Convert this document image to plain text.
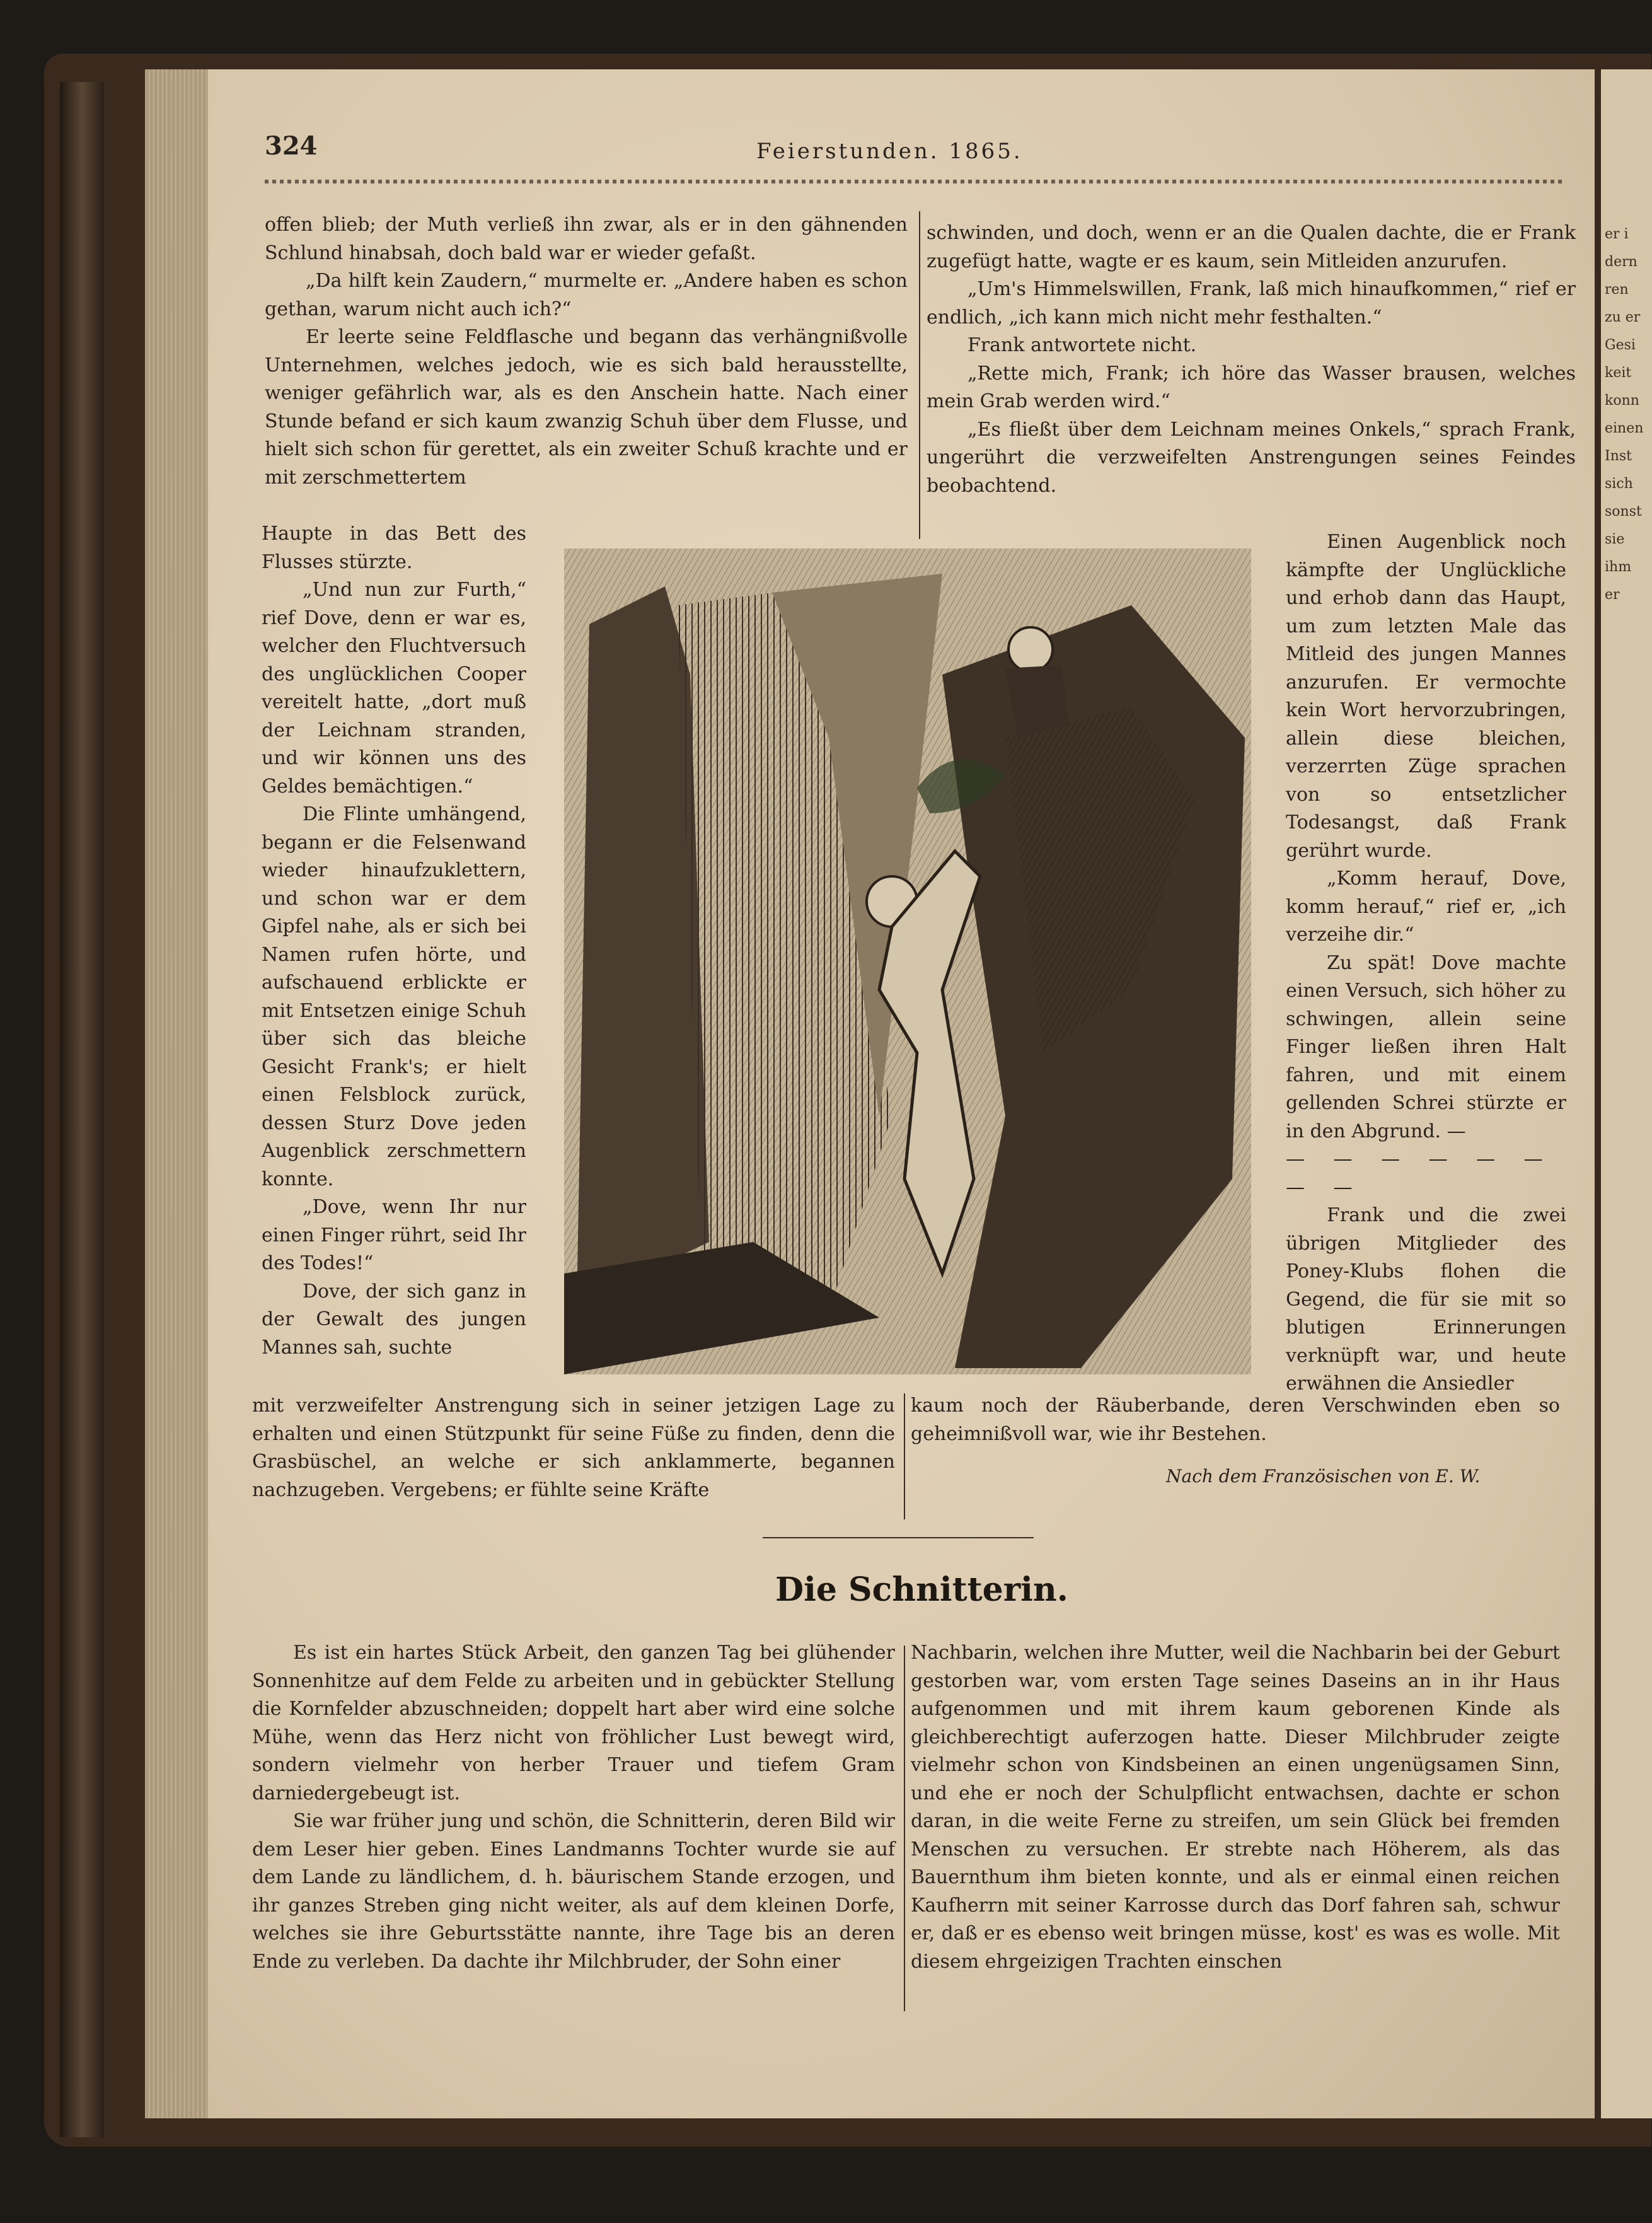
er i
dern
ren
zu er
Gesi
keit
konn
einen
Inst
sich
sonst
sie
ihm
er
324	Feierstunden. 1865.

offen blieb; der Muth verließ ihn zwar, als er in den gähnenden Schlund hinabsah, doch bald war er wieder gefaßt.

„Da hilft kein Zaudern,“ murmelte er. „Andere haben es schon gethan, warum nicht auch ich?“

Er leerte seine Feldflasche und begann das verhängnißvolle Unternehmen, welches jedoch, wie es sich bald herausstellte, weniger gefährlich war, als es den Anschein hatte. Nach einer Stunde befand er sich kaum zwanzig Schuh über dem Flusse, und hielt sich schon für gerettet, als ein zweiter Schuß krachte und er mit zerschmettertem

Haupte in das Bett des Flusses stürzte.

„Und nun zur Furth,“ rief Dove, denn er war es, welcher den Fluchtversuch des unglücklichen Cooper vereitelt hatte, „dort muß der Leichnam stranden, und wir können uns des Geldes bemächtigen.“

Die Flinte umhängend, begann er die Felsenwand wieder hinaufzuklettern, und schon war er dem Gipfel nahe, als er sich bei Namen rufen hörte, und aufschauend erblickte er mit Entsetzen einige Schuh über sich das bleiche Gesicht Frank's; er hielt einen Felsblock zurück, dessen Sturz Dove jeden Augenblick zerschmettern konnte.

„Dove, wenn Ihr nur einen Finger rührt, seid Ihr des Todes!“

Dove, der sich ganz in der Gewalt des jungen Mannes sah, suchte

mit verzweifelter Anstrengung sich in seiner jetzigen Lage zu erhalten und einen Stützpunkt für seine Füße zu finden, denn die Grasbüschel, an welche er sich anklammerte, begannen nachzugeben. Vergebens; er fühlte seine Kräfte

schwinden, und doch, wenn er an die Qualen dachte, die er Frank zugefügt hatte, wagte er es kaum, sein Mitleiden anzurufen.

„Um's Himmelswillen, Frank, laß mich hinaufkommen,“ rief er endlich, „ich kann mich nicht mehr festhalten.“

Frank antwortete nicht.

„Rette mich, Frank; ich höre das Wasser brausen, welches mein Grab werden wird.“

„Es fließt über dem Leichnam meines Onkels,“ sprach Frank, ungerührt die verzweifelten Anstrengungen seines Feindes beobachtend.

Einen Augenblick noch kämpfte der Unglückliche und erhob dann das Haupt, um zum letzten Male das Mitleid des jungen Mannes anzurufen. Er vermochte kein Wort hervorzubringen, allein diese bleichen, verzerrten Züge sprachen von so entsetzlicher Todesangst, daß Frank gerührt wurde.

„Komm herauf, Dove, komm herauf,“ rief er, „ich verzeihe dir.“

Zu spät! Dove machte einen Versuch, sich höher zu schwingen, allein seine Finger ließen ihren Halt fahren, und mit einem gellenden Schrei stürzte er in den Abgrund. —

— — — — — — — —

Frank und die zwei übrigen Mitglieder des Poney-Klubs flohen die Gegend, die für sie mit so blutigen Erinnerungen verknüpft war, und heute erwähnen die Ansiedler

kaum noch der Räuberbande, deren Verschwinden eben so geheimnißvoll war, wie ihr Bestehen.

Nach dem Französischen von E. W.
Die Schnitterin.

Es ist ein hartes Stück Arbeit, den ganzen Tag bei glühender Sonnenhitze auf dem Felde zu arbeiten und in gebückter Stellung die Kornfelder abzuschneiden; doppelt hart aber wird eine solche Mühe, wenn das Herz nicht von fröhlicher Lust bewegt wird, sondern vielmehr von herber Trauer und tiefem Gram darniedergebeugt ist.

Sie war früher jung und schön, die Schnitterin, deren Bild wir dem Leser hier geben. Eines Landmanns Tochter wurde sie auf dem Lande zu ländlichem, d. h. bäurischem Stande erzogen, und ihr ganzes Streben ging nicht weiter, als auf dem kleinen Dorfe, welches sie ihre Geburtsstätte nannte, ihre Tage bis an deren Ende zu verleben. Da dachte ihr Milchbruder, der Sohn einer

Nachbarin, welchen ihre Mutter, weil die Nachbarin bei der Geburt gestorben war, vom ersten Tage seines Daseins an in ihr Haus aufgenommen und mit ihrem kaum geborenen Kinde als gleichberechtigt auferzogen hatte. Dieser Milchbruder zeigte vielmehr schon von Kindsbeinen an einen ungenügsamen Sinn, und ehe er noch der Schulpflicht entwachsen, dachte er schon daran, in die weite Ferne zu streifen, um sein Glück bei fremden Menschen zu versuchen. Er strebte nach Höherem, als das Bauernthum ihm bieten konnte, und als er einmal einen reichen Kaufherrn mit seiner Karrosse durch das Dorf fahren sah, schwur er, daß er es ebenso weit bringen müsse, kost' es was es wolle. Mit diesem ehrgeizigen Trachten einschen
